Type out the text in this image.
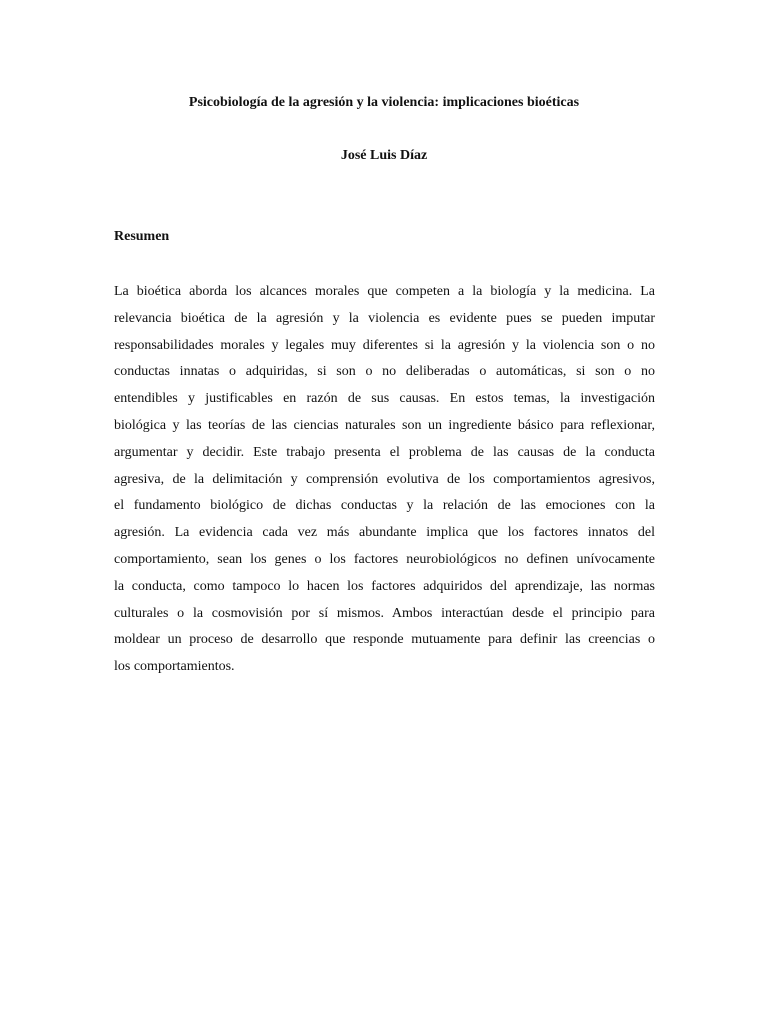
Psicobiología de la agresión y la violencia: implicaciones bioéticas
José Luis Díaz
Resumen
La bioética aborda los alcances morales que competen a la biología y la medicina. La
relevancia bioética de la agresión y la violencia es evidente pues se pueden imputar
responsabilidades morales y legales muy diferentes si la agresión y la violencia son o no
conductas innatas o adquiridas, si son o no deliberadas o automáticas, si son o no
entendibles y justificables en razón de sus causas. En estos temas, la investigación
biológica y las teorías de las ciencias naturales son un ingrediente básico para reflexionar,
argumentar y decidir. Este trabajo presenta el problema de las causas de la conducta
agresiva, de la delimitación y comprensión evolutiva de los comportamientos agresivos,
el fundamento biológico de dichas conductas y la relación de las emociones con la
agresión. La evidencia cada vez más abundante implica que los factores innatos del
comportamiento, sean los genes o los factores neurobiológicos no definen unívocamente
la conducta, como tampoco lo hacen los factores adquiridos del aprendizaje, las normas
culturales o la cosmovisión por sí mismos. Ambos interactúan desde el principio para
moldear un proceso de desarrollo que responde mutuamente para definir las creencias o
los comportamientos.
